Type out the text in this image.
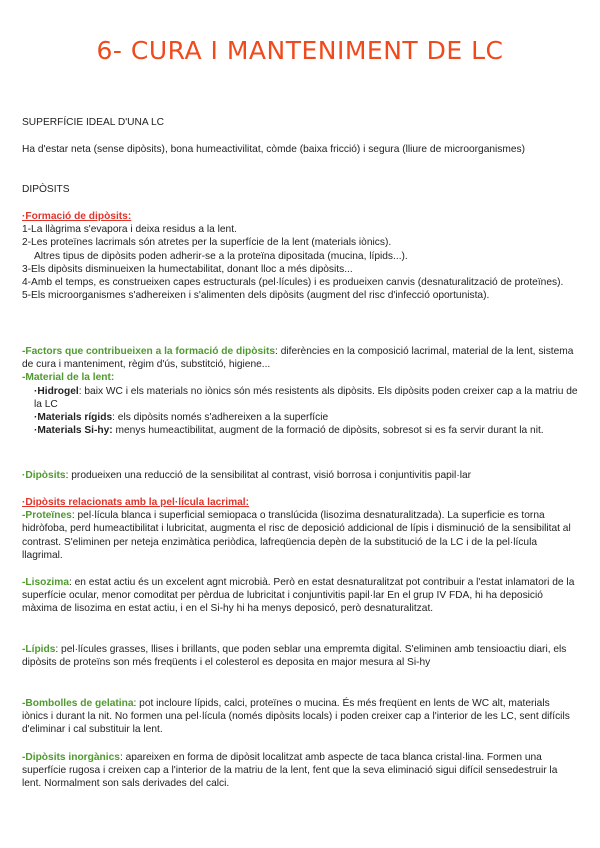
6- CURA I MANTENIMENT DE LC

SUPERFÍCIE IDEAL D'UNA LC

Ha d'estar neta (sense dipòsits), bona humeactivilitat, còmde (baixa fricció) i segura (lliure de microorganismes)

DIPÒSITS

·Formació de dipòsits:
1-La llàgrima s'evapora i deixa residus a la lent.
2-Les proteïnes lacrimals són atretes per la superfície de la lent (materials iònics).
Altres tipus de dipòsits poden adherir-se a la proteïna dipositada (mucina, lípids...).
3-Els dipòsits disminueixen la humectabilitat, donant lloc a més dipòsits...
4-Amb el temps, es construeixen capes estructurals (pel·lícules) i es produeixen canvis (desnaturalització de proteïnes).
5-Els microorganismes s'adhereixen i s'alimenten dels dipòsits (augment del risc d'infecció oportunista).
-Factors que contribueixen a la formació de dipòsits: diferències en la composició lacrimal, material de la lent, sistema de cura i manteniment, règim d'ús, substitció, higiene...
-Material de la lent:
·Hidrogel: baix WC i els materials no iònics són més resistents als dipòsits. Els dipòsits poden creixer cap a la matriu de la LC
·Materials rígids: els dipòsits només s'adhereixen a la superfície
·Materials Si-hy: menys humeactibilitat, augment de la formació de dipòsits, sobresot si es fa servir durant la nit.

·Dipòsits: produeixen una reducció de la sensibilitat al contrast, visió borrosa i conjuntivitis papil·lar

·Dipòsits relacionats amb la pel·lícula lacrimal:
-Proteïnes: pel·lícula blanca i superficial semiopaca o translúcida (lisozima desnaturalitzada). La superficie es torna hidròfoba, perd humeactibilitat i lubricitat, augmenta el risc de deposició addicional de lípis i disminució de la sensibilitat al contrast. S'eliminen per neteja enzimàtica periòdica, lafreqüencia depèn de la substitució de la LC i de la pel·lícula llagrimal.

-Lisozima: en estat actiu és un excelent agnt microbià. Però en estat desnaturalitzat pot contribuir a l'estat inlamatori de la superfície ocular, menor comoditat per pèrdua de lubricitat i conjuntivitis papil·lar En el grup IV FDA, hi ha deposició màxima de lisozima en estat actiu, i en el Si-hy hi ha menys deposicó, però desnaturalitzat.

-Lípids: pel·lícules grasses, llises i brillants, que poden seblar una empremta digital. S'eliminen amb tensioactiu diari, els dipòsits de proteïns son més freqüents i el colesterol es deposita en major mesura al Si-hy

-Bombolles de gelatina: pot incloure lípids, calci, proteïnes o mucina. És més freqüent en lents de WC alt, materials iònics i durant la nit. No formen una pel·lícula (només dipòsits locals) i poden creixer cap a l'interior de les LC, sent difícils d'eliminar i cal substituir la lent.

-Dipòsits inorgànics: apareixen en forma de dipòsit localitzat amb aspecte de taca blanca cristal·lina. Formen una superfície rugosa i creixen cap a l'interior de la matriu de la lent, fent que la seva eliminació sigui difícil sensedestruir la lent. Normalment son sals derivades del calci.
